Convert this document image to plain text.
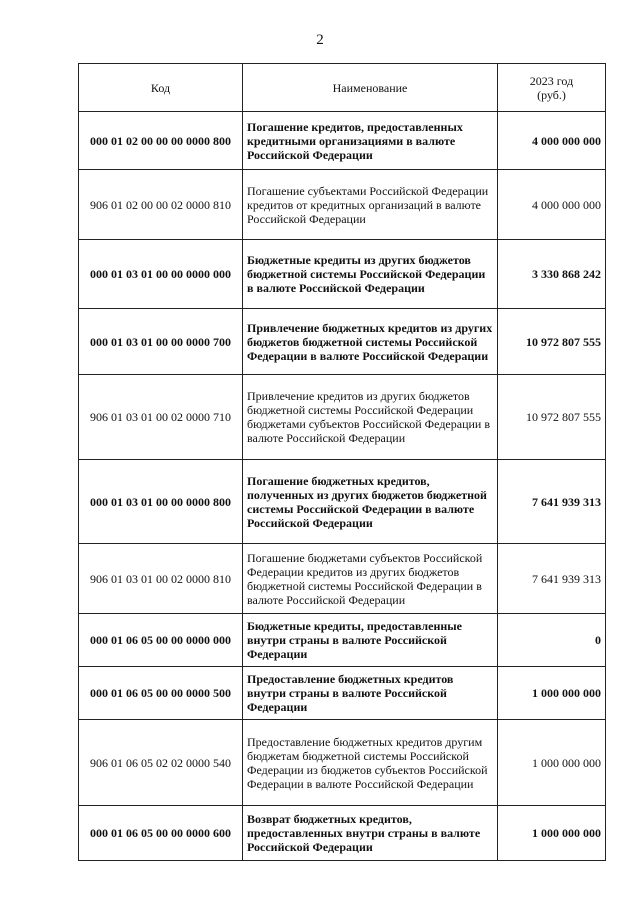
2
Код	Наименование	2023 год
(руб.)
000 01 02 00 00 00 0000 800	Погашение кредитов, предоставленных кредитными организациями в валюте Российской Федерации	4 000 000 000
906 01 02 00 00 02 0000 810	Погашение субъектами Российской Федерации кредитов от кредитных организаций в валюте Российской Федерации	4 000 000 000
000 01 03 01 00 00 0000 000	Бюджетные кредиты из других бюджетов бюджетной системы Российской Федерации в валюте Российской Федерации	3 330 868 242
000 01 03 01 00 00 0000 700	Привлечение бюджетных кредитов из других бюджетов бюджетной системы Российской Федерации в валюте Российской Федерации	10 972 807 555
906 01 03 01 00 02 0000 710	Привлечение кредитов из других бюджетов бюджетной системы Российской Федерации бюджетами субъектов Российской Федерации в валюте Российской Федерации	10 972 807 555
000 01 03 01 00 00 0000 800	Погашение бюджетных кредитов, полученных из других бюджетов бюджетной системы Российской Федерации в валюте Российской Федерации	7 641 939 313
906 01 03 01 00 02 0000 810	Погашение бюджетами субъектов Российской Федерации кредитов из других бюджетов бюджетной системы Российской Федерации в валюте Российской Федерации	7 641 939 313
000 01 06 05 00 00 0000 000	Бюджетные кредиты, предоставленные внутри страны в валюте Российской Федерации	0
000 01 06 05 00 00 0000 500	Предоставление бюджетных кредитов внутри страны в валюте Российской Федерации	1 000 000 000
906 01 06 05 02 02 0000 540	Предоставление бюджетных кредитов другим бюджетам бюджетной системы Российской Федерации из бюджетов субъектов Российской Федерации в валюте Российской Федерации	1 000 000 000
000 01 06 05 00 00 0000 600	Возврат бюджетных кредитов, предоставленных внутри страны в валюте Российской Федерации	1 000 000 000
